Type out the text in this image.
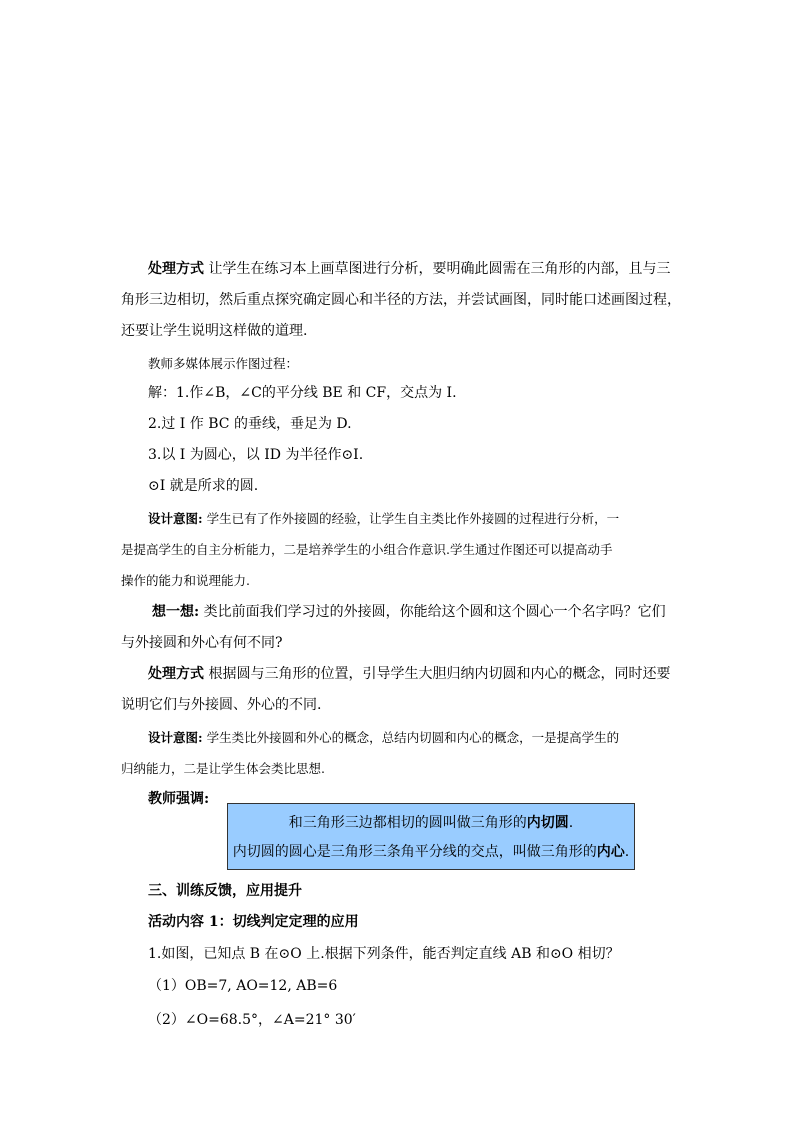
处理方式 让学生在练习本上画草图进行分析，要明确此圆需在三角形的内部，且与三
角形三边相切，然后重点探究确定圆心和半径的方法，并尝试画图，同时能口述画图过程，
还要让学生说明这样做的道理.
教师多媒体展示作图过程：
解：1.作∠B，∠C的平分线 BE 和 CF，交点为 I.
2.过 I 作 BC 的垂线，垂足为 D.
3.以 I 为圆心，以 ID 为半径作⊙I.
⊙I 就是所求的圆.
设计意图: 学生已有了作外接圆的经验，让学生自主类比作外接圆的过程进行分析，一
是提高学生的自主分析能力，二是培养学生的小组合作意识.学生通过作图还可以提高动手
操作的能力和说理能力.
想一想: 类比前面我们学习过的外接圆，你能给这个圆和这个圆心一个名字吗？它们
与外接圆和外心有何不同?
处理方式 根据圆与三角形的位置，引导学生大胆归纳内切圆和内心的概念，同时还要
说明它们与外接圆、外心的不同.
设计意图: 学生类比外接圆和外心的概念，总结内切圆和内心的概念，一是提高学生的
归纳能力，二是让学生体会类比思想.
教师强调:
和三角形三边都相切的圆叫做三角形的内切圆.
内切圆的圆心是三角形三条角平分线的交点，叫做三角形的内心.
三、训练反馈，应用提升
活动内容 1：切线判定定理的应用
1.如图，已知点 B 在⊙O 上.根据下列条件，能否判定直线 AB 和⊙O 相切？
（1）OB=7, AO=12, AB=6
（2）∠O=68.5°，∠A=21° 30′
